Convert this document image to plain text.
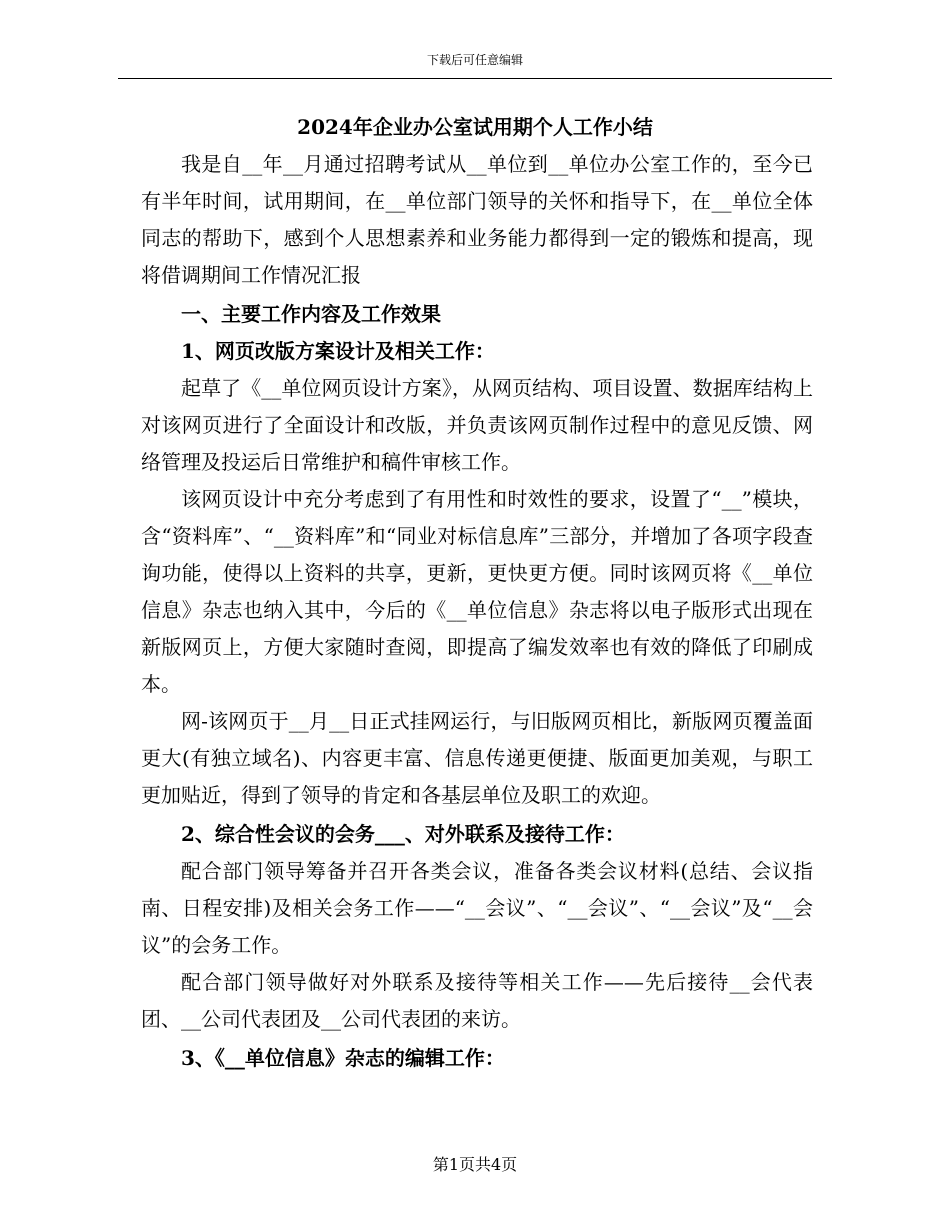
下载后可任意编辑
2024年企业办公室试用期个人工作小结

我是自__年__月通过招聘考试从__单位到__单位办公室工作的，至今已有半年时间，试用期间，在__单位部门领导的关怀和指导下，在__单位全体同志的帮助下，感到个人思想素养和业务能力都得到一定的锻炼和提高，现将借调期间工作情况汇报

一、主要工作内容及工作效果

1、网页改版方案设计及相关工作：

起草了《__单位网页设计方案》，从网页结构、项目设置、数据库结构上对该网页进行了全面设计和改版，并负责该网页制作过程中的意见反馈、网络管理及投运后日常维护和稿件审核工作。

该网页设计中充分考虑到了有用性和时效性的要求，设置了“__”模块，含“资料库”、“__资料库”和“同业对标信息库”三部分，并增加了各项字段查询功能，使得以上资料的共享，更新，更快更方便。同时该网页将《__单位信息》杂志也纳入其中，今后的《__单位信息》杂志将以电子版形式出现在新版网页上，方便大家随时查阅，即提高了编发效率也有效的降低了印刷成本。

网-该网页于__月__日正式挂网运行，与旧版网页相比，新版网页覆盖面更大(有独立域名)、内容更丰富、信息传递更便捷、版面更加美观，与职工更加贴近，得到了领导的肯定和各基层单位及职工的欢迎。

2、综合性会议的会务___、对外联系及接待工作：

配合部门领导筹备并召开各类会议，准备各类会议材料(总结、会议指南、日程安排)及相关会务工作——“__会议”、“__会议”、“__会议”及“__会议”的会务工作。

配合部门领导做好对外联系及接待等相关工作——先后接待__会代表团、__公司代表团及__公司代表团的来访。

3、《__单位信息》杂志的编辑工作：

第1页共4页
